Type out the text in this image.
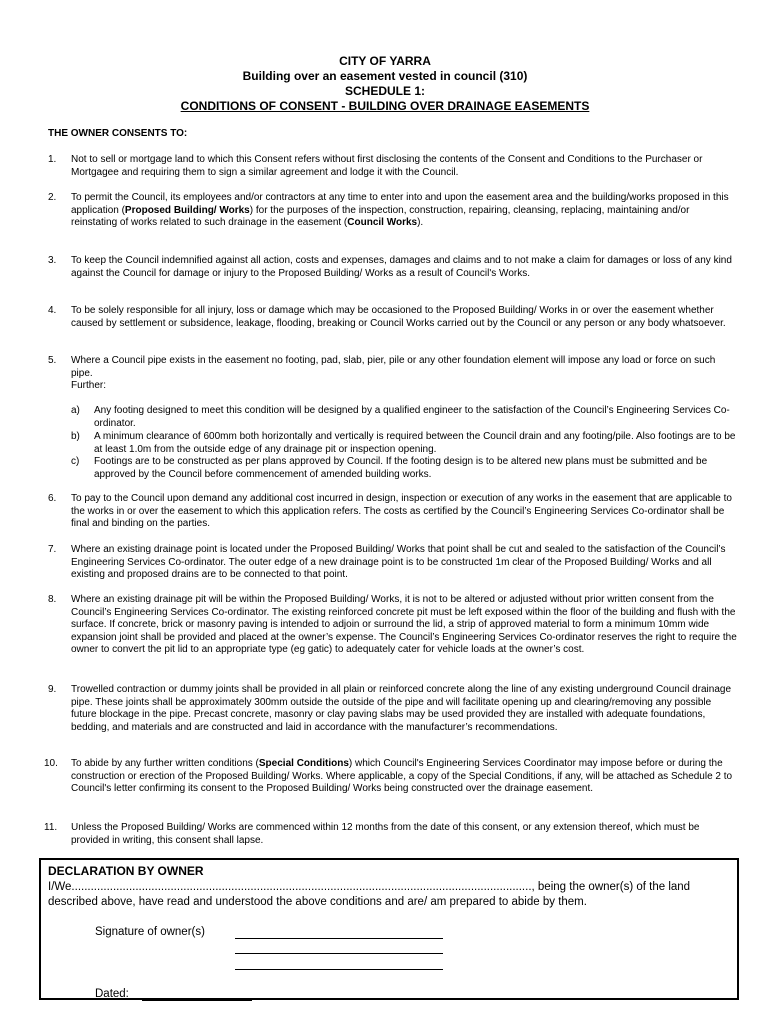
CITY OF YARRA
Building over an easement vested in council (310)
SCHEDULE 1:
CONDITIONS OF CONSENT - BUILDING OVER DRAINAGE EASEMENTS
THE OWNER CONSENTS TO:
1. Not to sell or mortgage land to which this Consent refers without first disclosing the contents of the Consent and Conditions to the Purchaser or Mortgagee and requiring them to sign a similar agreement and lodge it with the Council.
2. To permit the Council, its employees and/or contractors at any time to enter into and upon the easement area and the building/works proposed in this application (Proposed Building/ Works) for the purposes of the inspection, construction, repairing, cleansing, replacing, maintaining and/or reinstating of works related to such drainage in the easement (Council Works).
3. To keep the Council indemnified against all action, costs and expenses, damages and claims and to not make a claim for damages or loss of any kind against the Council for damage or injury to the Proposed Building/ Works as a result of Council's Works.
4. To be solely responsible for all injury, loss or damage which may be occasioned to the Proposed Building/ Works in or over the easement whether caused by settlement or subsidence, leakage, flooding, breaking or Council Works carried out by the Council or any person or any body whatsoever.
5. Where a Council pipe exists in the easement no footing, pad, slab, pier, pile or any other foundation element will impose any load or force on such pipe.
Further:
a) Any footing designed to meet this condition will be designed by a qualified engineer to the satisfaction of the Council’s Engineering Services Co-ordinator.
b) A minimum clearance of 600mm both horizontally and vertically is required between the Council drain and any footing/pile. Also footings are to be at least 1.0m from the outside edge of any drainage pit or inspection opening.
c) Footings are to be constructed as per plans approved by Council. If the footing design is to be altered new plans must be submitted and be approved by the Council before commencement of amended building works.
6. To pay to the Council upon demand any additional cost incurred in design, inspection or execution of any works in the easement that are applicable to the works in or over the easement to which this application refers. The costs as certified by the Council’s Engineering Services Co-ordinator shall be final and binding on the parties.
7. Where an existing drainage point is located under the Proposed Building/ Works that point shall be cut and sealed to the satisfaction of the Council’s Engineering Services Co-ordinator. The outer edge of a new drainage point is to be constructed 1m clear of the Proposed Building/ Works and all existing and proposed drains are to be connected to that point.
8. Where an existing drainage pit will be within the Proposed Building/ Works, it is not to be altered or adjusted without prior written consent from the Council’s Engineering Services Co-ordinator. The existing reinforced concrete pit must be left exposed within the floor of the building and flush with the surface. If concrete, brick or masonry paving is intended to adjoin or surround the lid, a strip of approved material to form a minimum 10mm wide expansion joint shall be provided and placed at the owner’s expense. The Council’s Engineering Services Co-ordinator reserves the right to require the owner to convert the pit lid to an appropriate type (eg gatic) to adequately cater for vehicle loads at the owner’s cost.
9. Trowelled contraction or dummy joints shall be provided in all plain or reinforced concrete along the line of any existing underground Council drainage pipe. These joints shall be approximately 300mm outside the outside of the pipe and will facilitate opening up and clearing/removing any possible future blockage in the pipe. Precast concrete, masonry or clay paving slabs may be used provided they are installed with adequate foundations, bedding, and materials and are constructed and laid in accordance with the manufacturer’s recommendations.
10. To abide by any further written conditions (Special Conditions) which Council's Engineering Services Coordinator may impose before or during the construction or erection of the Proposed Building/ Works. Where applicable, a copy of the Special Conditions, if any, will be attached as Schedule 2 to Council's letter confirming its consent to the Proposed Building/ Works being constructed over the drainage easement.
11. Unless the Proposed Building/ Works are commenced within 12 months from the date of this consent, or any extension thereof, which must be provided in writing, this consent shall lapse.
DECLARATION BY OWNER
I/We................................................................................................................................................, being the owner(s) of the land described above, have read and understood the above conditions and are/ am prepared to abide by them.
Signature of owner(s)
Dated:
